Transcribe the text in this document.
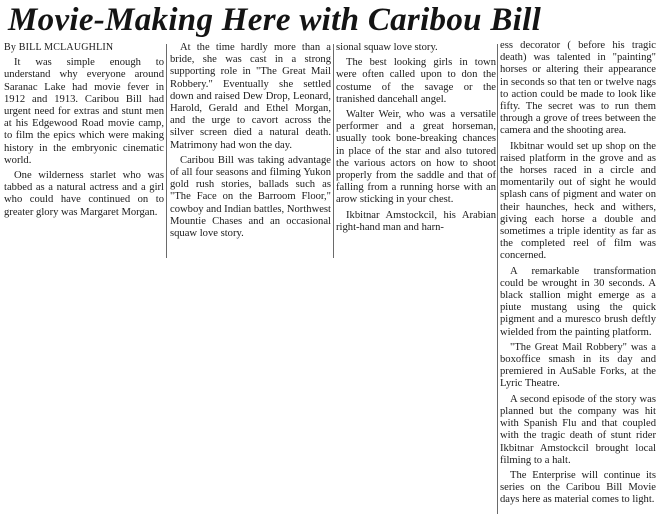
Movie-Making Here with Caribou Bill

By BILL MCLAUGHLIN

It was simple enough to understand why everyone around Saranac Lake had movie fever in 1912 and 1913. Caribou Bill had urgent need for extras and stunt men at his Edgewood Road movie camp, to film the epics which were making history in the embryonic cinematic world.

One wilderness starlet who was tabbed as a natural actress and a girl who could have continued on to greater glory was Margaret Morgan.

At the time hardly more than a bride, she was cast in a strong supporting role in "The Great Mail Robbery." Eventually she settled down and raised Dew Drop, Leonard, Harold, Gerald and Ethel Morgan, and the urge to cavort across the silver screen died a natural death. Matrimony had won the day.

Caribou Bill was taking advantage of all four seasons and filming Yukon gold rush stories, ballads such as "The Face on the Barroom Floor," cowboy and Indian battles, Northwest Mountie Chases and an occasional squaw love story.

sional squaw love story.

The best looking girls in town were often called upon to don the costume of the savage or the tranished dancehall angel.

Walter Weir, who was a versatile performer and a great horseman, usually took bone-breaking chances in place of the star and also tutored the various actors on how to shoot properly from the saddle and that of falling from a running horse with an arow sticking in your chest.

Ikbitnar Amstockcil, his Arabian right-hand man and harn-

ess decorator ( before his tragic death) was talented in "painting" horses or altering their appearance in seconds so that ten or twelve nags to action could be made to look like fifty. The secret was to run them through a grove of trees between the camera and the shooting area.

Ikbitnar would set up shop on the raised platform in the grove and as the horses raced in a circle and momentarily out of sight he would splash cans of pigment and water on their haunches, heck and withers, giving each horse a double and sometimes a triple identity as far as the completed reel of film was concerned.

A remarkable transformation could be wrought in 30 seconds. A black stallion might emerge as a piute mustang using the quick pigment and a muresco brush deftly wielded from the painting platform.

"The Great Mail Robbery" was a boxoffice smash in its day and premiered in AuSable Forks, at the Lyric Theatre.

A second episode of the story was planned but the company was hit with Spanish Flu and that coupled with the tragic death of stunt rider Ikbitnar Amstockcil brought local filming to a halt.

The Enterprise will continue its series on the Caribou Bill Movie days here as material comes to light.
